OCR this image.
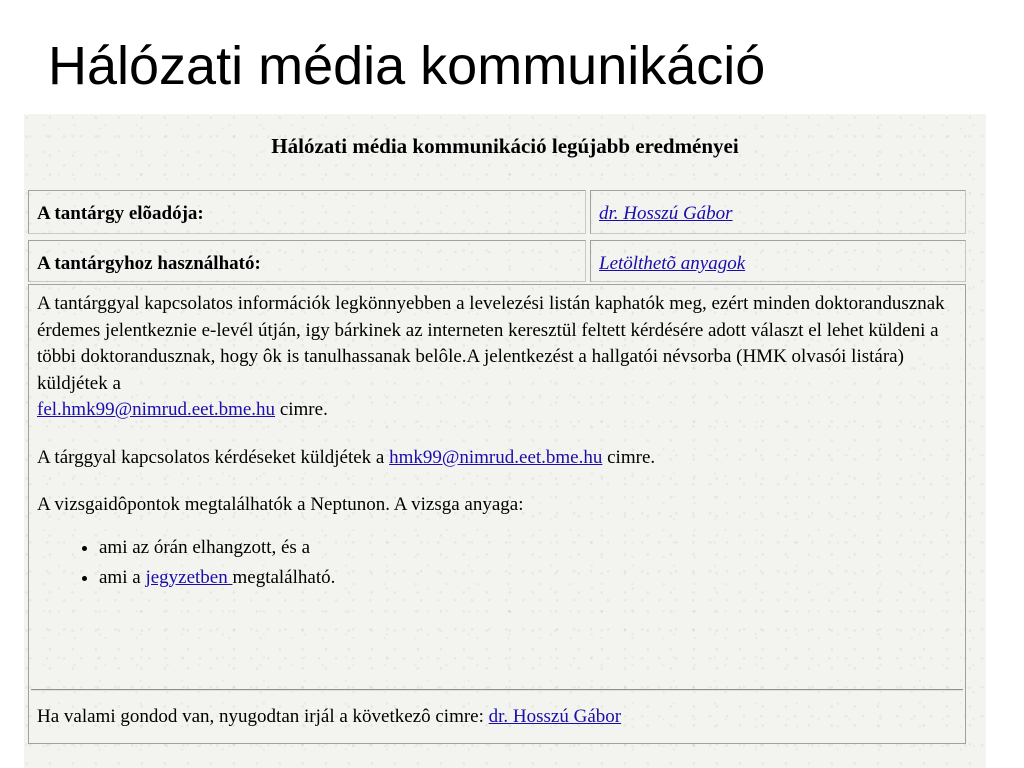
Hálózati média kommunikáció
Hálózati média kommunikáció legújabb eredményei
A tantárgy elõadója:	dr. Hosszú Gábor
A tantárgyhoz használható:	Letölthetõ anyagok

A tantárggyal kapcsolatos információk legkönnyebben a levelezési listán kaphatók meg, ezért minden doktorandusznak érdemes jelentkeznie e-levél útján, igy bárkinek az interneten keresztül feltett kérdésére adott választ el lehet küldeni a többi doktorandusznak, hogy ôk is tanulhassanak belôle.A jelentkezést a hallgatói névsorba (HMK olvasói listára) küldjétek a
fel.hmk99@nimrud.eet.bme.hu cimre.

A tárggyal kapcsolatos kérdéseket küldjétek a hmk99@nimrud.eet.bme.hu cimre.

A vizsgaidôpontok megtalálhatók a Neptunon. A vizsga anyaga:

• ami az órán elhangzott, és a
• ami a jegyzetben megtalálható.
Ha valami gondod van, nyugodtan irjál a következô cimre: dr. Hosszú Gábor
